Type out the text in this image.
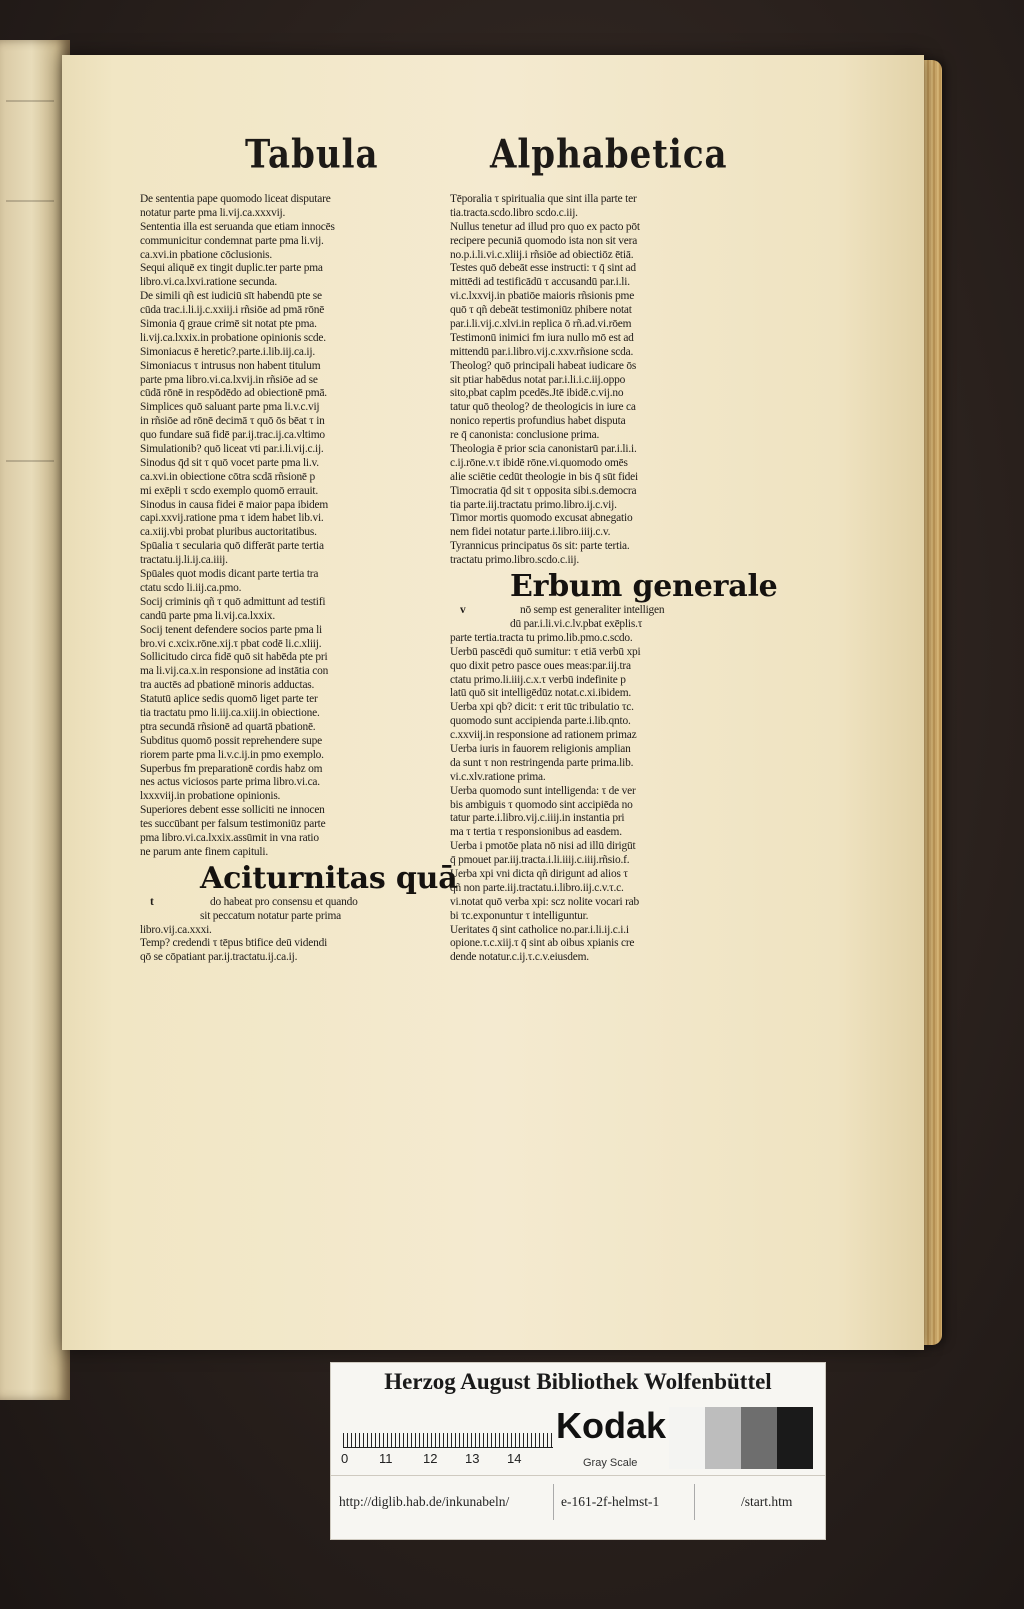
Tabula	Alphabetica
De sententia pape quomodo liceat disputare
notatur parte pma li.vij.ca.xxxvij.
Sententia illa est seruanda que etiam innocēs
communicitur condemnat parte pma li.vij.
ca.xvi.in pbatione cōclusionis.
Sequi aliquē ex tingit duplic.ter parte pma
libro.vi.ca.lxvi.ratione secunda.
De simili qñ est iudiciū sīt habendū pte se
cūda trac.i.li.ij.c.xxiij.i rñsiōe ad pmā rōnē
Simonia q̄ graue crimē sit notat pte pma.
li.vij.ca.lxxix.in probatione opinionis scde.
Simoniacus ē heretic?.parte.i.lib.iij.ca.ij.
Simoniacus τ intrusus non habent titulum
parte pma libro.vi.ca.lxvij.in rñsiōe ad se
cūdā rōnē in respōdēdo ad obiectionē pmā.
Simplices quō saluant parte pma li.v.c.vij
in rñsiōe ad rōnē decimā τ quō ōs bēat τ in
quo fundare suā fidē par.ij.trac.ij.ca.vltimo
Simulationib? quō liceat vti par.i.li.vij.c.ij.
Sinodus q̄d sit τ quō vocet parte pma li.v.
ca.xvi.in obiectione cōtra scdā rñsionē p
mi exēpli τ scdo exemplo quomō errauit.
Sinodus in causa fidei ē maior papa ibidem
capi.xxvij.ratione pma τ idem habet lib.vi.
ca.xiij.vbi probat pluribus auctoritatibus.
Spūalia τ secularia quō differāt parte tertia
tractatu.ij.li.ij.ca.iiij.
Spūales quot modis dicant parte tertia tra
ctatu scdo li.iij.ca.pmo.
Socij criminis qñ τ quō admittunt ad testifi
candū parte pma li.vij.ca.lxxix.
Socij tenent defendere socios parte pma li
bro.vi c.xcix.rōne.xij.τ pbat codē li.c.xliij.
Sollicitudo circa fidē quō sit habēda pte pri
ma li.vij.ca.x.in responsione ad instātia con
tra auctēs ad pbationē minoris adductas.
Statutū aplice sedis quomō liget parte ter
tia tractatu pmo li.iij.ca.xiij.in obiectione.
ptra secundā rñsionē ad quartā pbationē.
Subditus quomō possit reprehendere supe
riorem parte pma li.v.c.ij.in pmo exemplo.
Superbus fm preparationē cordis habz om
nes actus viciosos parte prima libro.vi.ca.
lxxxviij.in probatione opinionis.
Superiores debent esse solliciti ne innocen
tes succūbant per falsum testimoniūz parte
pma libro.vi.ca.lxxix.assūmit in vna ratio
ne parum ante finem capituli.
Aciturnitas quā
t	do habeat pro consensu et quando
sit peccatum notatur parte prima
libro.vij.ca.xxxi.
Temp? credendi τ tēpus btifice deū videndi
qō se cōpatiant par.ij.tractatu.ij.ca.ij.
Tēporalia τ spiritualia que sint illa parte ter
tia.tracta.scdo.libro scdo.c.iij.
Nullus tenetur ad illud pro quo ex pacto pōt
recipere pecuniā quomodo ista non sit vera
no.p.i.li.vi.c.xliij.i rñsiōe ad obiectiōz ētiā.
Testes quō debeāt esse instructi: τ q̄ sint ad
mittēdi ad testificādū τ accusandū par.i.li.
vi.c.lxxvij.in pbatiōe maioris rñsionis pme
quō τ qñ debeāt testimoniūz phibere notat
par.i.li.vij.c.xlvi.in replica ō rñ.ad.vi.rōem
Testimonū inimici fm iura nullo mō est ad
mittendū par.i.libro.vij.c.xxv.rñsione scda.
Theolog? quō principali habeat iudicare ōs
sit ptiar habēdus notat par.i.li.i.c.iij.oppo
sito,pbat caplm pcedēs.Jtē ibidē.c.vij.no
tatur quō theolog? de theologicis in iure ca
nonico repertis profundius habet disputa
re q̄ canonista: conclusione prima.
Theologia ē prior scia canonistarū par.i.li.i.
c.ij.rōne.v.τ ibidē rōne.vi.quomodo omēs
alie sciētie cedūt theologie in bis q̄ sūt fidei
Timocratia q̄d sit τ opposita sibi.s.democra
tia parte.iij.tractatu primo.libro.ij.c.vij.
Timor mortis quomodo excusat abnegatio
nem fidei notatur parte.i.libro.iiij.c.v.
Tyrannicus principatus ōs sit: parte tertia.
tractatu primo.libro.scdo.c.iij.
Erbum generale
v	nō semp est generaliter intelligen
dū par.i.li.vi.c.lv.pbat exēplis.τ
parte tertia.tracta tu primo.lib.pmo.c.scdo.
Uerbū pascēdi quō sumitur: τ etiā verbū xpi
quo dixit petro pasce oues meas:par.iij.tra
ctatu primo.li.iiij.c.x.τ verbū indefinite p
latū quō sit intelligēdūz notat.c.xi.ibidem.
Uerba xpi qb? dicit: τ erit tūc tribulatio τc.
quomodo sunt accipienda parte.i.lib.qnto.
c.xxviij.in responsione ad rationem primaz
Uerba iuris in fauorem religionis amplian
da sunt τ non restringenda parte prima.lib.
vi.c.xlv.ratione prima.
Uerba quomodo sunt intelligenda: τ de ver
bis ambiguis τ quomodo sint accipiēda no
tatur parte.i.libro.vij.c.iiij.in instantia pri
ma τ tertia τ responsionibus ad easdem.
Uerba i pmotōe plata nō nisi ad illū dirigūt
q̄ pmouet par.iij.tracta.i.li.iiij.c.iiij.rñsio.f.
Uerba xpi vni dicta qñ dirigunt ad alios τ
qñ non parte.iij.tractatu.i.libro.iij.c.v.τ.c.
vi.notat quō verba xpi: scz nolite vocari rab
bi τc.exponuntur τ intelliguntur.
Ueritates q̄ sint catholice no.par.i.li.ij.c.i.i
opione.τ.c.xiij.τ q̄ sint ab oibus xpianis cre
dende notatur.c.ij.τ.c.v.eiusdem.
Herzog August Bibliothek Wolfenbüttel
0 11 12 13 14
Kodak
Gray Scale
http://diglib.hab.de/inkunabeln/	e-161-2f-helmst-1	/start.htm
